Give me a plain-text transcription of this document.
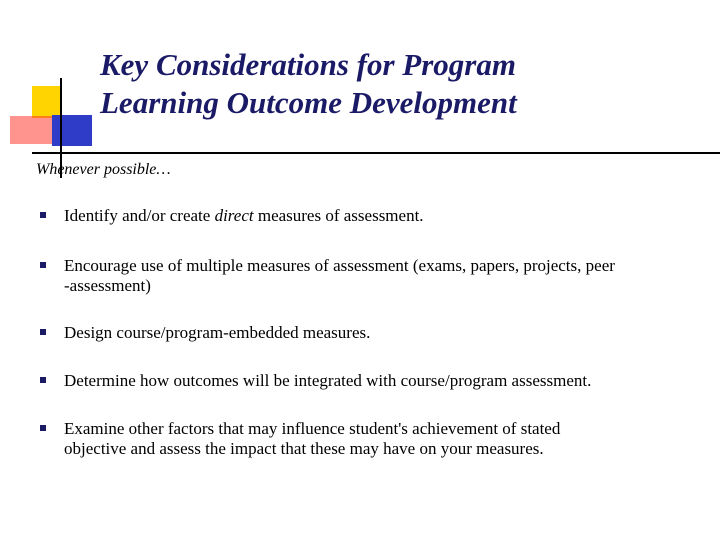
Key Considerations for Program
Learning Outcome Development
Whenever possible…

Identify and/or create direct measures of assessment.

Encourage use of multiple measures of assessment (exams, papers, projects, peer
-assessment)

Design course/program-embedded measures.

Determine how outcomes will be integrated with course/program assessment.

Examine other factors that may influence student's achievement of stated
objective and assess the impact that these may have on your measures.
